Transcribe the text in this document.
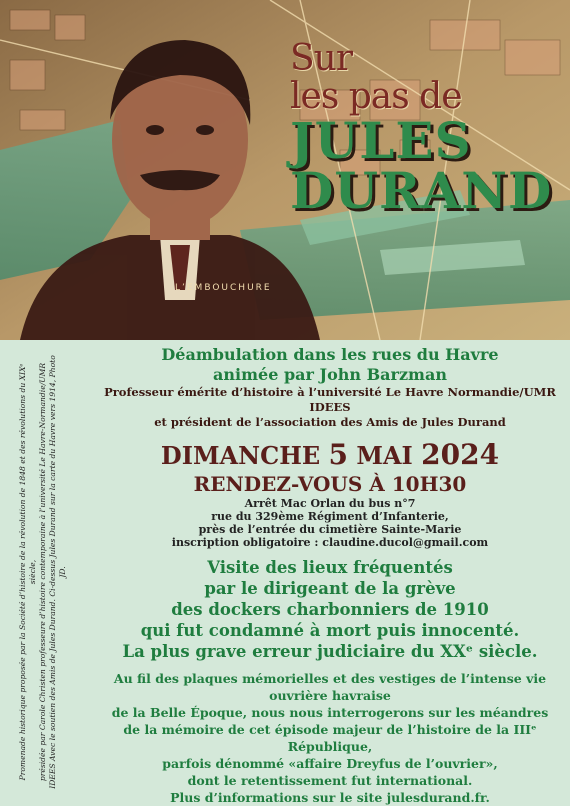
L’EMBOUCHURE
Sur
les pas de
JULES
DURAND
Promenade historique proposée par la Société d’histoire de la révolution de 1848 et des révolutions du XIXᵉ siècle, présidée par Carole Christen professeure d’histoire contemporaine à l’université Le Havre-Normandie/UMR IDEES Avec le soutien des Amis de Jules Durand. Ci-dessus Jules Durand sur la carte du Havre vers 1914, Photo JD.
Déambulation dans les rues du Havre
animée par John Barzman
Professeur émérite d’histoire à l’université Le Havre Normandie/UMR IDEES
et président de l’association des Amis de Jules Durand
DIMANCHE 5 MAI 2024
RENDEZ-VOUS À 10H30
Arrêt Mac Orlan du bus n°7
rue du 329ème Régiment d’Infanterie,
près de l’entrée du cimetière Sainte-Marie
inscription obligatoire : claudine.ducol@gmail.com
Visite des lieux fréquentés
par le dirigeant de la grève
des dockers charbonniers de 1910
qui fut condamné à mort puis innocenté.
La plus grave erreur judiciaire du XXᵉ siècle.
Au fil des plaques mémorielles et des vestiges de l’intense vie ouvrière havraise
de la Belle Époque, nous nous interrogerons sur les méandres
de la mémoire de cet épisode majeur de l’histoire de la IIIᵉ République,
parfois dénommé «affaire Dreyfus de l’ouvrier»,
dont le retentissement fut international.
Plus d’informations sur le site julesdurand.fr.
